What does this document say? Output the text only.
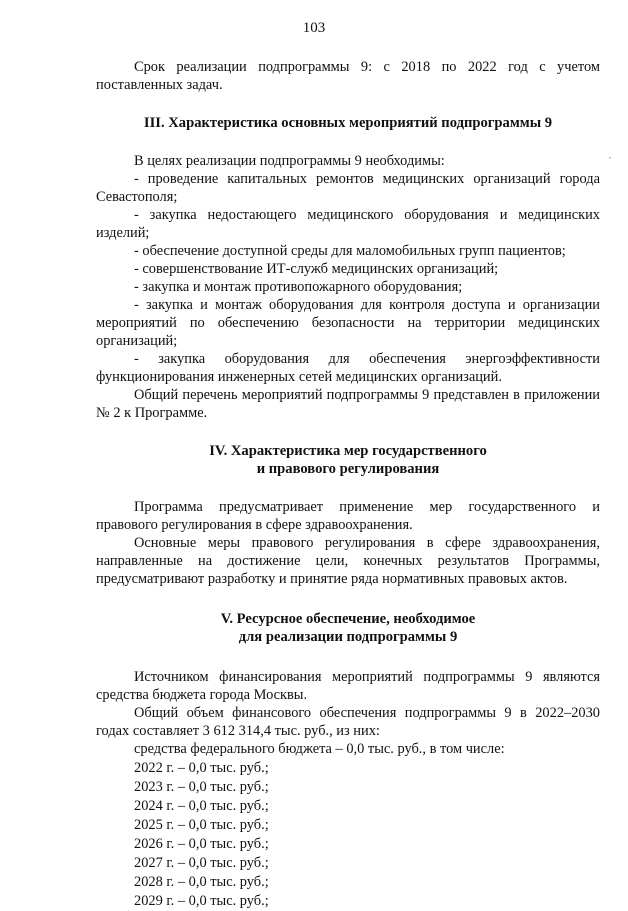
103
,

Срок реализации подпрограммы 9: с 2018 по 2022 год с учетом поставленных задач.

III. Характеристика основных мероприятий подпрограммы 9

В целях реализации подпрограммы 9 необходимы:

- проведение капитальных ремонтов медицинских организаций города Севастополя;

- закупка недостающего медицинского оборудования и медицинских изделий;

- обеспечение доступной среды для маломобильных групп пациентов;

- совершенствование ИТ-служб медицинских организаций;

- закупка и монтаж противопожарного оборудования;

- закупка и монтаж оборудования для контроля доступа и организации мероприятий по обеспечению безопасности на территории медицинских организаций;

- закупка оборудования для обеспечения энергоэффективности функционирования инженерных сетей медицинских организаций.

Общий перечень мероприятий подпрограммы 9 представлен в приложении № 2 к Программе.

IV. Характеристика мер государственного

и правового регулирования

Программа предусматривает применение мер государственного и правового регулирования в сфере здравоохранения.

Основные меры правового регулирования в сфере здравоохранения, направленные на достижение цели, конечных результатов Программы, предусматривают разработку и принятие ряда нормативных правовых актов.

V. Ресурсное обеспечение, необходимое

для реализации подпрограммы 9

Источником финансирования мероприятий подпрограммы 9 являются средства бюджета города Москвы.

Общий объем финансового обеспечения подпрограммы 9 в 2022–2030 годах составляет 3 612 314,4 тыс. руб., из них:

средства федерального бюджета – 0,0 тыс. руб., в том числе:

2022 г. – 0,0 тыс. руб.;

2023 г. – 0,0 тыс. руб.;

2024 г. – 0,0 тыс. руб.;

2025 г. – 0,0 тыс. руб.;

2026 г. – 0,0 тыс. руб.;

2027 г. – 0,0 тыс. руб.;

2028 г. – 0,0 тыс. руб.;

2029 г. – 0,0 тыс. руб.;
